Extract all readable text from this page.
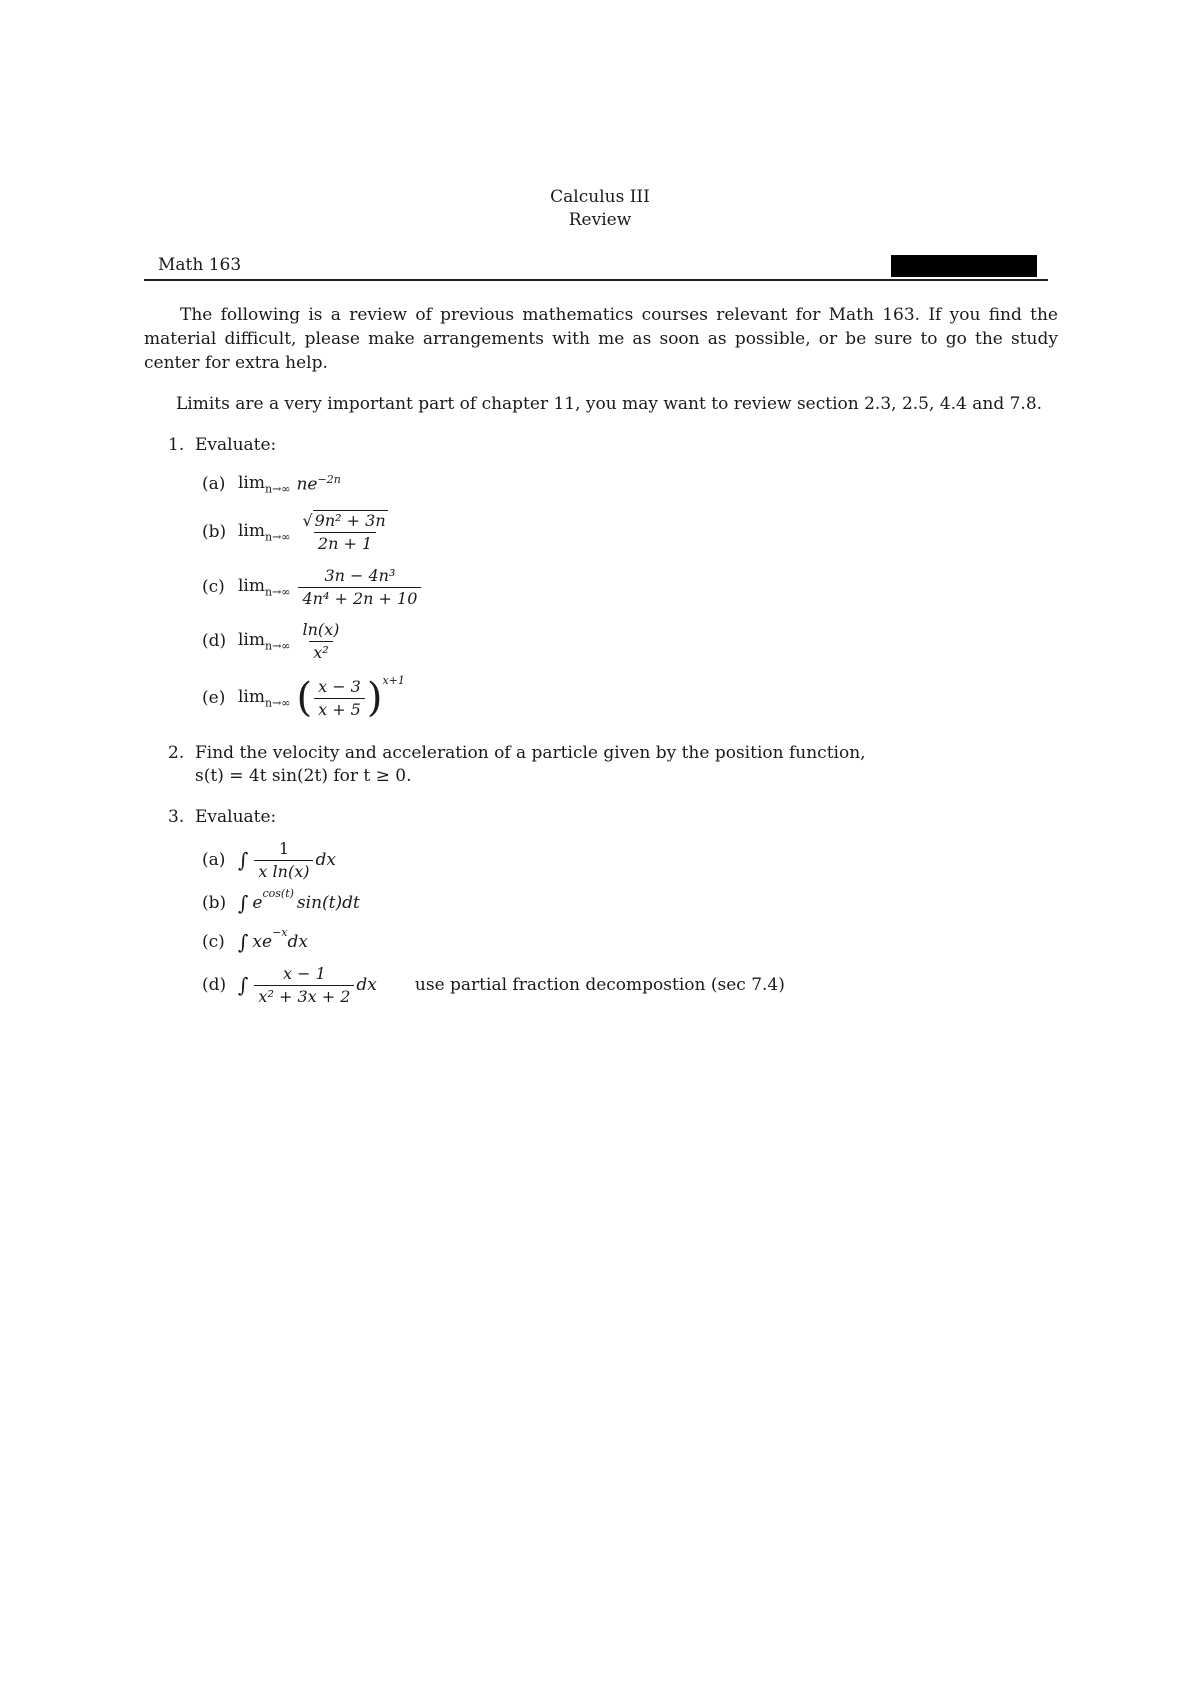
Calculus III
Review
Math 163
The following is a review of previous mathematics courses relevant for Math 163. If you find the material difficult, please make arrangements with me as soon as possible, or be sure to go the study center for extra help.
Limits are a very important part of chapter 11, you may want to review section 2.3, 2.5, 4.4 and 7.8.
1. Evaluate:
(a) $\lim_{n\to\infty} ne^{-2n}$
(b) $\lim_{n\to\infty} \frac{\text{√ 9n² + 3n}}{2n + 1}$
(c) $\lim_{n\to\infty} \frac{\text{3n − 4n³}}{\text{4n⁴ + 2n + 10}}$
(d) $\lim_{n\to\infty} \frac{\ln(x)}{\text{x²}}$
(e) $\lim_{n\to\infty}$ ( $\frac{x - 3}{x + 5} )^{x+1}$
2. Find the velocity and acceleration of a particle given by the position function,
s(t) = 4t sin(2t) for t ≥ 0.
3. Evaluate:
(a) ∫ $\frac{1}{\text{x ln(x)}}$ dx
(b) ∫ $e^{cos(t)}$ sin(t)dt
(c) ∫ $xe^{-x}$ dx
(d) ∫ $\frac{x - 1}{\text{x² + 3x + 2}}$ dx use partial fraction decompostion (sec 7.4)
